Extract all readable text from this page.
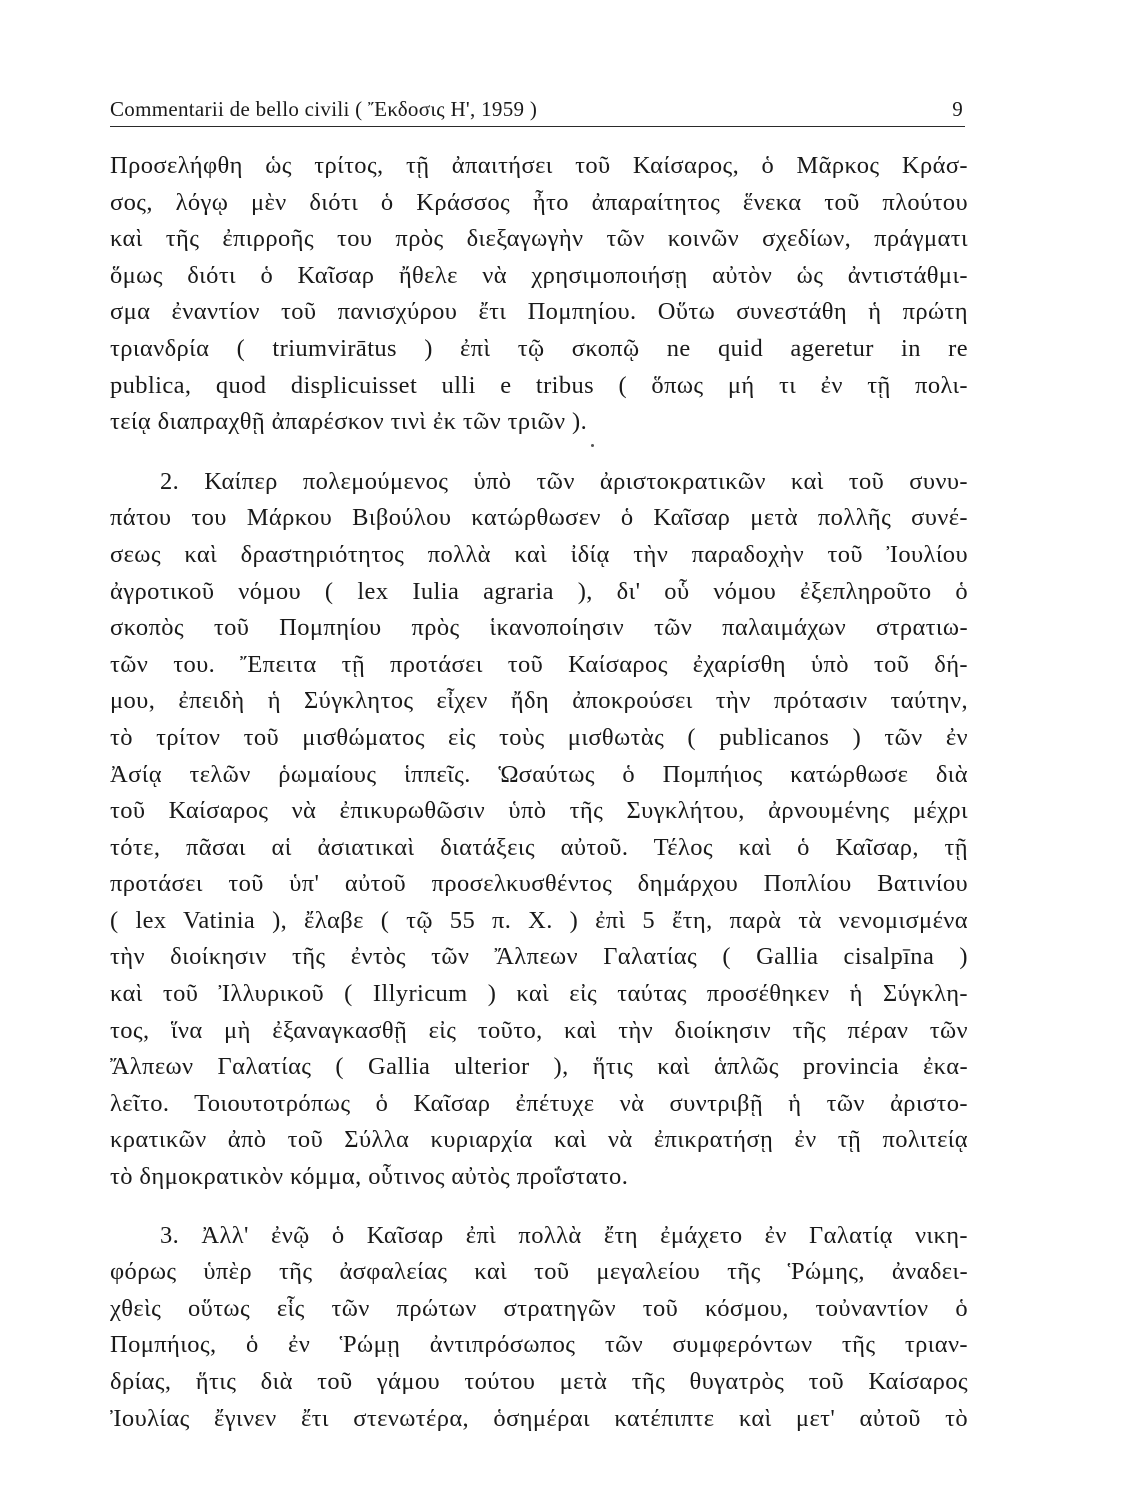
Commentarii de bello civili ( Ἔκδοσις Η', 1959 )	9
Προσελήφθη ὡς τρίτος, τῇ ἀπαιτήσει τοῦ Καίσαρος, ὁ Μᾶρκος Κράσ-
σος, λόγῳ μὲν διότι ὁ Κράσσος ἦτο ἀπαραίτητος ἕνεκα τοῦ πλούτου
καὶ τῆς ἐπιρροῆς του πρὸς διεξαγωγὴν τῶν κοινῶν σχεδίων, πράγματι
ὅμως διότι ὁ Καῖσαρ ἤθελε νὰ χρησιμοποιήσῃ αὐτὸν ὡς ἀντιστάθμι-
σμα ἐναντίον τοῦ πανισχύρου ἔτι Πομπηίου. Οὕτω συνεστάθη ἡ πρώτη
τριανδρία ( triumvirātus ) ἐπὶ τῷ σκοπῷ ne quid ageretur in re
publica, quod displicuisset ulli e tribus ( ὅπως μή τι ἐν τῇ πολι-
τείᾳ διαπραχθῇ ἀπαρέσκον τινὶ ἐκ τῶν τριῶν ).
2. Καίπερ πολεμούμενος ὑπὸ τῶν ἀριστοκρατικῶν καὶ τοῦ συνυ-
πάτου του Μάρκου Βιβούλου κατώρθωσεν ὁ Καῖσαρ μετὰ πολλῆς συνέ-
σεως καὶ δραστηριότητος πολλὰ καὶ ἰδίᾳ τὴν παραδοχὴν τοῦ Ἰουλίου
ἀγροτικοῦ νόμου ( lex Iulia agraria ), δι' οὗ νόμου ἐξεπληροῦτο ὁ
σκοπὸς τοῦ Πομπηίου πρὸς ἱκανοποίησιν τῶν παλαιμάχων στρατιω-
τῶν του. Ἔπειτα τῇ προτάσει τοῦ Καίσαρος ἐχαρίσθη ὑπὸ τοῦ δή-
μου, ἐπειδὴ ἡ Σύγκλητος εἶχεν ἤδη ἀποκρούσει τὴν πρότασιν ταύτην,
τὸ τρίτον τοῦ μισθώματος εἰς τοὺς μισθωτὰς ( publicanos ) τῶν ἐν
Ἀσίᾳ τελῶν ῥωμαίους ἱππεῖς. Ὡσαύτως ὁ Πομπήιος κατώρθωσε διὰ
τοῦ Καίσαρος νὰ ἐπικυρωθῶσιν ὑπὸ τῆς Συγκλήτου, ἀρνουμένης μέχρι
τότε, πᾶσαι αἱ ἀσιατικαὶ διατάξεις αὐτοῦ. Τέλος καὶ ὁ Καῖσαρ, τῇ
προτάσει τοῦ ὑπ' αὐτοῦ προσελκυσθέντος δημάρχου Ποπλίου Βατινίου
( lex Vatinia ), ἔλαβε ( τῷ 55 π. Χ. ) ἐπὶ 5 ἔτη, παρὰ τὰ νενομισμένα
τὴν διοίκησιν τῆς ἐντὸς τῶν Ἄλπεων Γαλατίας ( Gallia cisalpīna )
καὶ τοῦ Ἰλλυρικοῦ ( Illyricum ) καὶ εἰς ταύτας προσέθηκεν ἡ Σύγκλη-
τος, ἵνα μὴ ἐξαναγκασθῇ εἰς τοῦτο, καὶ τὴν διοίκησιν τῆς πέραν τῶν
Ἄλπεων Γαλατίας ( Gallia ulterior ), ἥτις καὶ ἁπλῶς provincia ἐκα-
λεῖτο. Τοιουτοτρόπως ὁ Καῖσαρ ἐπέτυχε νὰ συντριβῇ ἡ τῶν ἀριστο-
κρατικῶν ἀπὸ τοῦ Σύλλα κυριαρχία καὶ νὰ ἐπικρατήσῃ ἐν τῇ πολιτείᾳ
τὸ δημοκρατικὸν κόμμα, οὗτινος αὐτὸς προΐστατο.
3. Ἀλλ' ἐνῷ ὁ Καῖσαρ ἐπὶ πολλὰ ἔτη ἐμάχετο ἐν Γαλατίᾳ νικη-
φόρως ὑπὲρ τῆς ἀσφαλείας καὶ τοῦ μεγαλείου τῆς Ῥώμης, ἀναδει-
χθεὶς οὕτως εἷς τῶν πρώτων στρατηγῶν τοῦ κόσμου, τοὐναντίον ὁ
Πομπήιος, ὁ ἐν Ῥώμῃ ἀντιπρόσωπος τῶν συμφερόντων τῆς τριαν-
δρίας, ἥτις διὰ τοῦ γάμου τούτου μετὰ τῆς θυγατρὸς τοῦ Καίσαρος
Ἰουλίας ἔγινεν ἔτι στενωτέρα, ὁσημέραι κατέπιπτε καὶ μετ' αὐτοῦ τὸ
